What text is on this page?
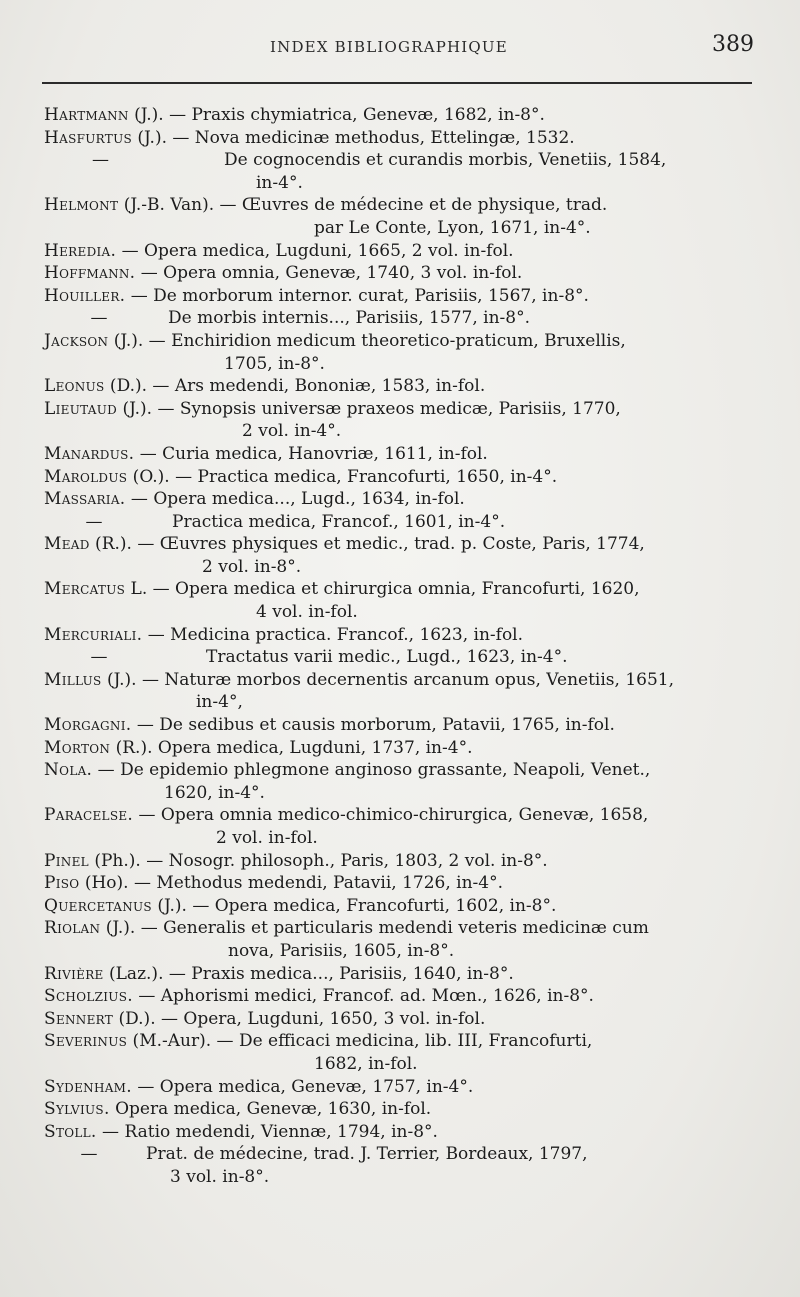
INDEX BIBLIOGRAPHIQUE	389
Hartmann (J.). — Praxis chymiatrica, Genevæ, 1682, in-8°.
Hasfurtus (J.). — Nova medicinæ methodus, Ettelingæ, 1532.
—	De cognocendis et curandis morbis, Venetiis, 1584,
in-4°.
Helmont (J.-B. Van). — Œuvres de médecine et de physique, trad.
par Le Conte, Lyon, 1671, in-4°.
Heredia. — Opera medica, Lugduni, 1665, 2 vol. in-fol.
Hoffmann. — Opera omnia, Genevæ, 1740, 3 vol. in-fol.
Houiller. — De morborum internor. curat, Parisiis, 1567, in-8°.
—	De morbis internis..., Parisiis, 1577, in-8°.
Jackson (J.). — Enchiridion medicum theoretico-praticum, Bruxellis,
1705, in-8°.
Leonus (D.). — Ars medendi, Bononiæ, 1583, in-fol.
Lieutaud (J.). — Synopsis universæ praxeos medicæ, Parisiis, 1770,
2 vol. in-4°.
Manardus. — Curia medica, Hanovriæ, 1611, in-fol.
Maroldus (O.). — Practica medica, Francofurti, 1650, in-4°.
Massaria. — Opera medica..., Lugd., 1634, in-fol.
—	Practica medica, Francof., 1601, in-4°.
Mead (R.). — Œuvres physiques et medic., trad. p. Coste, Paris, 1774,
2 vol. in-8°.
Mercatus L. — Opera medica et chirurgica omnia, Francofurti, 1620,
4 vol. in-fol.
Mercuriali. — Medicina practica. Francof., 1623, in-fol.
—	Tractatus varii medic., Lugd., 1623, in-4°.
Millus (J.). — Naturæ morbos decernentis arcanum opus, Venetiis, 1651,
in-4°,
Morgagni. — De sedibus et causis morborum, Patavii, 1765, in-fol.
Morton (R.). Opera medica, Lugduni, 1737, in-4°.
Nola. — De epidemio phlegmone anginoso grassante, Neapoli, Venet.,
1620, in-4°.
Paracelse. — Opera omnia medico-chimico-chirurgica, Genevæ, 1658,
2 vol. in-fol.
Pinel (Ph.). — Nosogr. philosoph., Paris, 1803, 2 vol. in-8°.
Piso (Ho). — Methodus medendi, Patavii, 1726, in-4°.
Quercetanus (J.). — Opera medica, Francofurti, 1602, in-8°.
Riolan (J.). — Generalis et particularis medendi veteris medicinæ cum
nova, Parisiis, 1605, in-8°.
Rivière (Laz.). — Praxis medica..., Parisiis, 1640, in-8°.
Scholzius. — Aphorismi medici, Francof. ad. Mœn., 1626, in-8°.
Sennert (D.). — Opera, Lugduni, 1650, 3 vol. in-fol.
Severinus (M.-Aur). — De efficaci medicina, lib. III, Francofurti,
1682, in-fol.
Sydenham. — Opera medica, Genevæ, 1757, in-4°.
Sylvius. Opera medica, Genevæ, 1630, in-fol.
Stoll. — Ratio medendi, Viennæ, 1794, in-8°.
—	Prat. de médecine, trad. J. Terrier, Bordeaux, 1797,
3 vol. in-8°.
